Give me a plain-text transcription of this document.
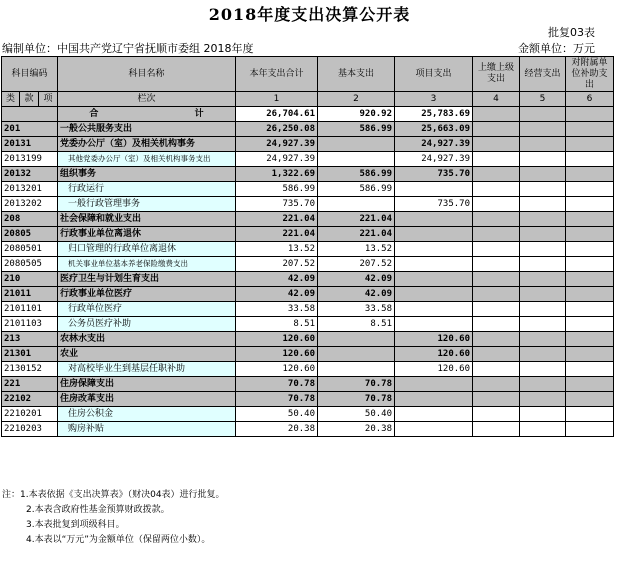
2018年度支出决算公开表
批复03表
编制单位：中国共产党辽宁省抚顺市委组 2018年度	金额单位：万元
科目编码			科目名称	本年支出合计	基本支出	项目支出	上缴上级支出	经营支出	对附属单位补助支出
类	款	项	栏次	1	2	3	4	5	6
			合 计	26,704.61	920.92	25,783.69			
201			一般公共服务支出	26,250.08	586.99	25,663.09			
20131			党委办公厅（室）及相关机构事务	24,927.39		24,927.39			
2013199			其他党委办公厅（室）及相关机构事务支出	24,927.39		24,927.39			
20132			组织事务	1,322.69	586.99	735.70			
2013201			行政运行	586.99	586.99				
2013202			一般行政管理事务	735.70		735.70			
208			社会保障和就业支出	221.04	221.04				
20805			行政事业单位离退休	221.04	221.04				
2080501			归口管理的行政单位离退休	13.52	13.52				
2080505			机关事业单位基本养老保险缴费支出	207.52	207.52				
210			医疗卫生与计划生育支出	42.09	42.09				
21011			行政事业单位医疗	42.09	42.09				
2101101			行政单位医疗	33.58	33.58				
2101103			公务员医疗补助	8.51	8.51				
213			农林水支出	120.60		120.60			
21301			农业	120.60		120.60			
2130152			对高校毕业生到基层任职补助	120.60		120.60			
221			住房保障支出	70.78	70.78				
22102			住房改革支出	70.78	70.78				
2210201			住房公积金	50.40	50.40				
2210203			购房补贴	20.38	20.38				
注：1.本表依据《支出决算表》（财决04表）进行批复。
2.本表含政府性基金预算财政拨款。
3.本表批复到项级科目。
4.本表以“万元”为金额单位（保留两位小数）。
